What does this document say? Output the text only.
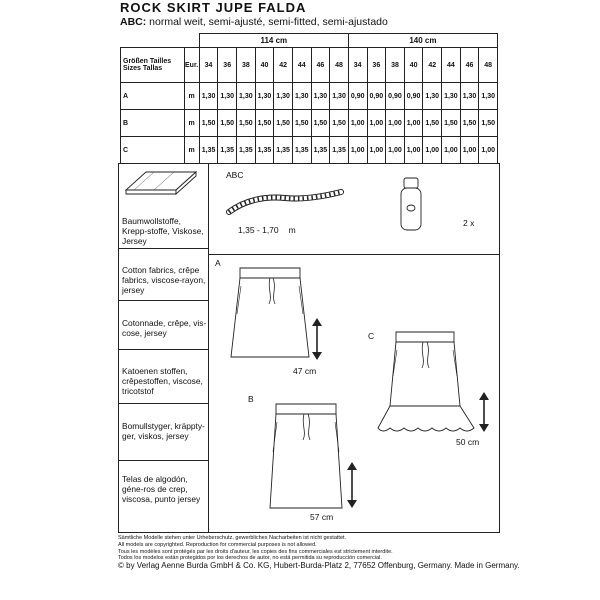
ROCK SKIRT JUPE FALDA
ABC: normal weit, semi-ajusté, semi-fitted, semi-ajustado
		114 cm								140 cm							

Größen Tailles
Sizes Tallas	Eur.	34	36	38	40	42	44	46	48	34	36	38	40	42	44	46	48
A	m	1,30	1,30	1,30	1,30	1,30	1,30	1,30	1,30	0,90	0,90	0,90	0,90	1,30	1,30	1,30	1,30
B	m	1,50	1,50	1,50	1,50	1,50	1,50	1,50	1,50	1,00	1,00	1,00	1,00	1,50	1,50	1,50	1,50
C	m	1,35	1,35	1,35	1,35	1,35	1,35	1,35	1,35	1,00	1,00	1,00	1,00	1,00	1,00	1,00	1,00
Baumwollstoffe, Krepp-stoffe, Viskose, Jersey
Cotton fabrics, crêpe fabrics, viscose-rayon, jersey
Cotonnade, crêpe, vis-cose, jersey
Katoenen stoffen, crêpestoffen, viscose, tricotstof
Bomullstyger, kräppty-ger, viskos, jersey
Telas de algodón, géne-ros de crep, viscosa, punto jersey
ABC
1,35 - 1,70 m
2 x
A
47 cm
B
57 cm
C
50 cm
Sämtliche Modelle stehen unter Urheberschutz, gewerbliches Nacharbeiten ist nicht gestattet.
All models are copyrighted. Reproduction for commercial purposes is not allowed.
Tous les modèles sont protégés par les droits d'auteur, les copies des fins commerciales est strictement interdite.
Todos los modelos están protegidos por los derechos de autor, no está permitida su reproducción comercial.
© by Verlag Aenne Burda GmbH & Co. KG, Hubert-Burda-Platz 2, 77652 Offenburg, Germany. Made in Germany.
